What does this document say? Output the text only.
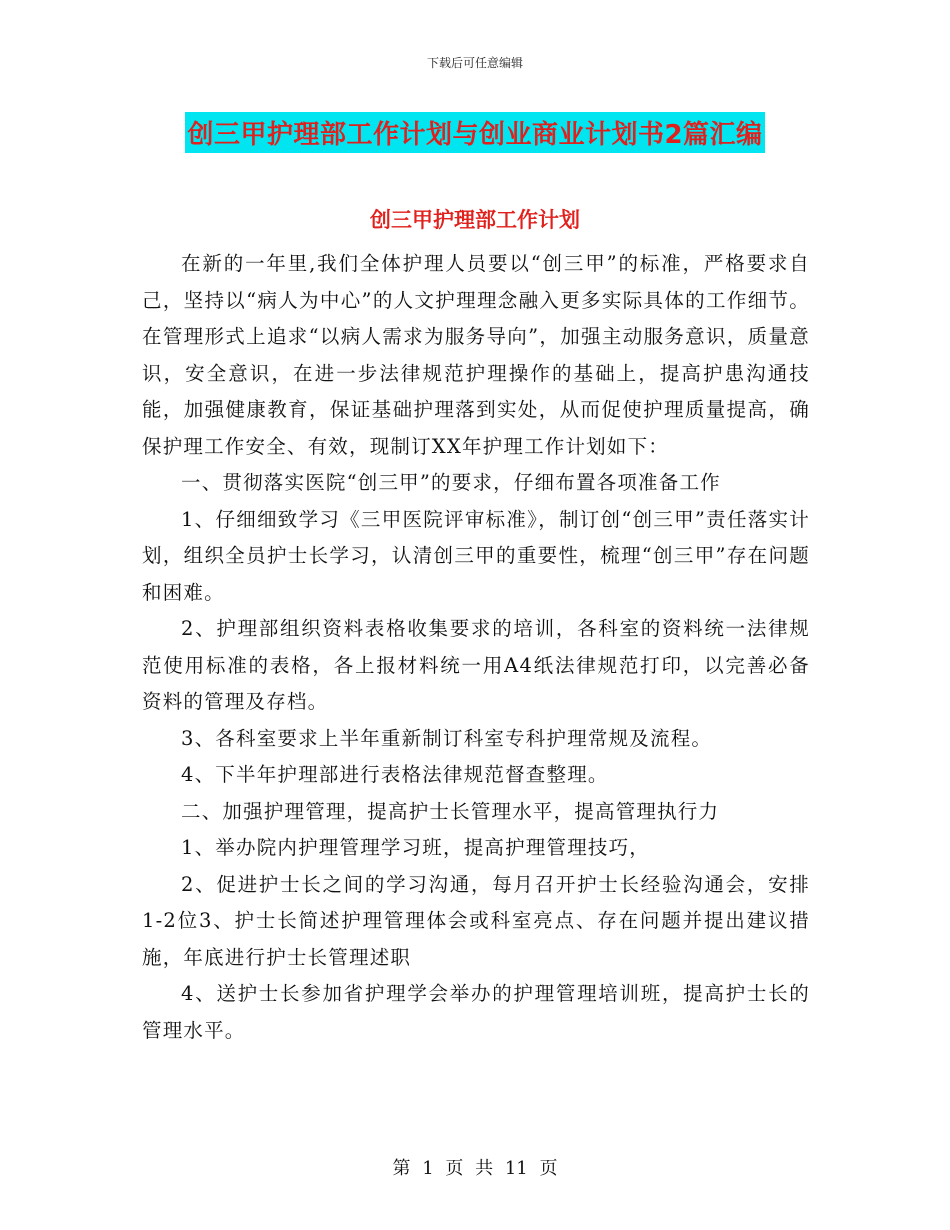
下载后可任意编辑
创三甲护理部工作计划与创业商业计划书2篇汇编
创三甲护理部工作计划

在新的一年里,我们全体护理人员要以“创三甲”的标准，严格要求自己，坚持以“病人为中心”的人文护理理念融入更多实际具体的工作细节。在管理形式上追求“以病人需求为服务导向”，加强主动服务意识，质量意识，安全意识，在进一步法律规范护理操作的基础上，提高护患沟通技能，加强健康教育，保证基础护理落到实处，从而促使护理质量提高，确保护理工作安全、有效，现制订XX年护理工作计划如下：

一、贯彻落实医院“创三甲”的要求，仔细布置各项准备工作

1、仔细细致学习《三甲医院评审标准》，制订创“创三甲”责任落实计划，组织全员护士长学习，认清创三甲的重要性，梳理“创三甲”存在问题和困难。

2、护理部组织资料表格收集要求的培训，各科室的资料统一法律规范使用标准的表格，各上报材料统一用A4纸法律规范打印，以完善必备资料的管理及存档。

3、各科室要求上半年重新制订科室专科护理常规及流程。

4、下半年护理部进行表格法律规范督查整理。

二、加强护理管理，提高护士长管理水平，提高管理执行力

1、举办院内护理管理学习班，提高护理管理技巧，

2、促进护士长之间的学习沟通，每月召开护士长经验沟通会，安排1-2位3、护士长简述护理管理体会或科室亮点、存在问题并提出建议措施，年底进行护士长管理述职

4、送护士长参加省护理学会举办的护理管理培训班，提高护士长的管理水平。

第 1 页 共 11 页
